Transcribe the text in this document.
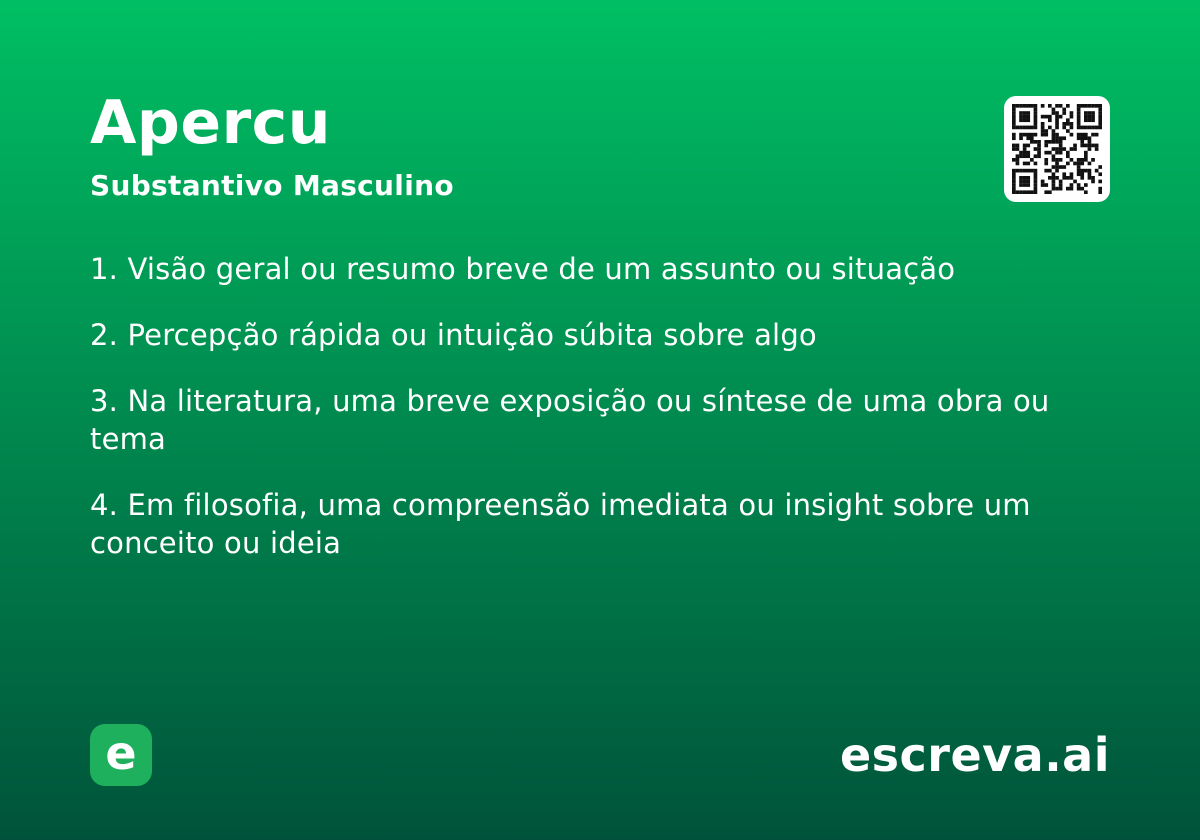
Apercu
Substantivo Masculino
1. Visão geral ou resumo breve de um assunto ou situação
2. Percepção rápida ou intuição súbita sobre algo
3. Na literatura, uma breve exposição ou síntese de uma obra ou tema
4. Em filosofia, uma compreensão imediata ou insight sobre um conceito ou ideia
e	escreva.ai
